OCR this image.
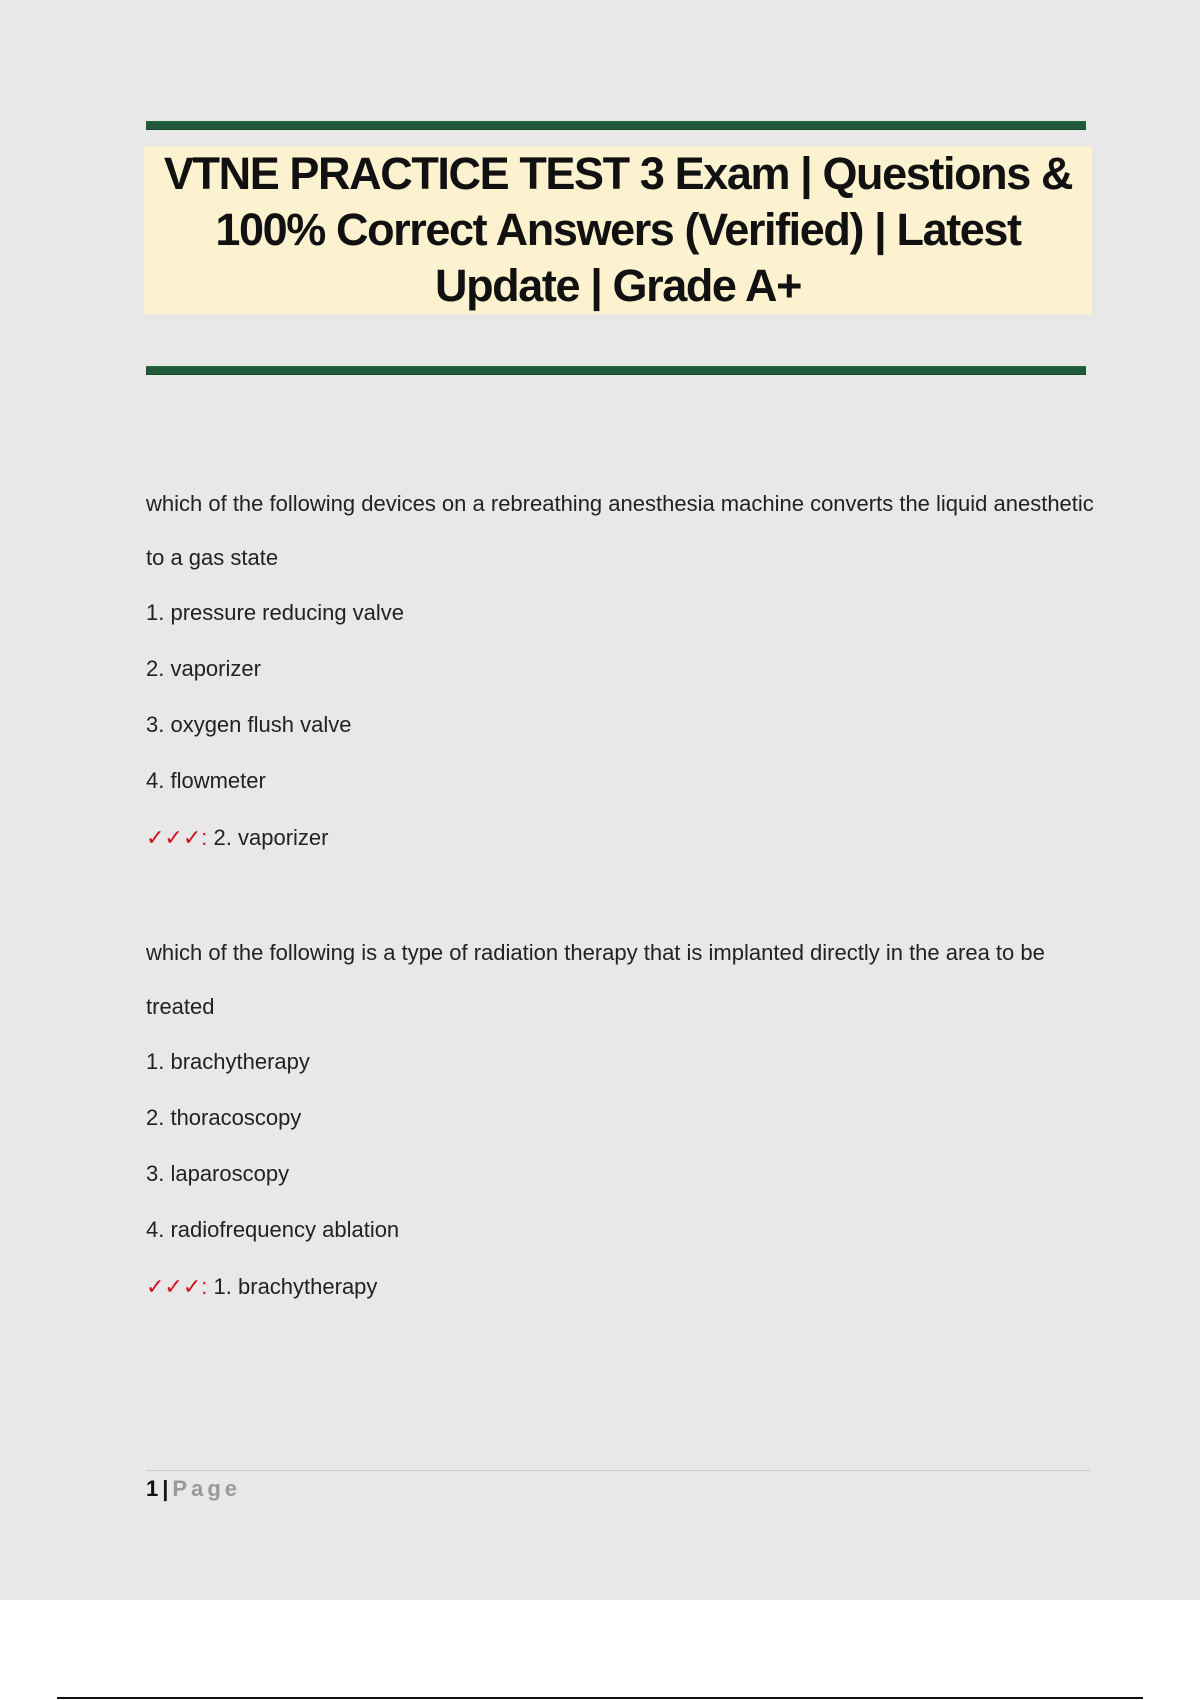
VTNE PRACTICE TEST 3 Exam | Questions & 100% Correct Answers (Verified) | Latest Update | Grade A+

which of the following devices on a rebreathing anesthesia machine converts the liquid anesthetic to a gas state

1. pressure reducing valve

2. vaporizer

3. oxygen flush valve

4. flowmeter

✓✓✓: 2. vaporizer

which of the following is a type of radiation therapy that is implanted directly in the area to be treated

1. brachytherapy

2. thoracoscopy

3. laparoscopy

4. radiofrequency ablation

✓✓✓: 1. brachytherapy

1 | Page
